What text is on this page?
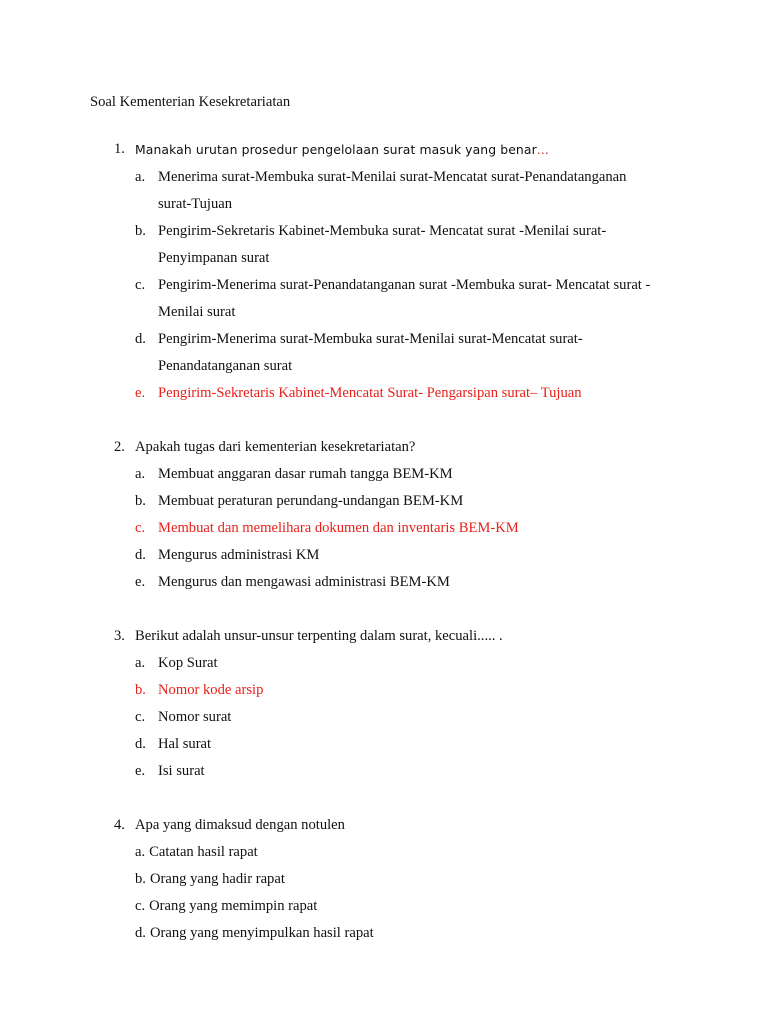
Soal Kementerian Kesekretariatan
1. Manakah urutan prosedur pengelolaan surat masuk yang benar…
a. Menerima surat-Membuka surat-Menilai surat-Mencatat surat-Penandatanganan
surat-Tujuan
b. Pengirim-Sekretaris Kabinet-Membuka surat- Mencatat surat -Menilai surat-
Penyimpanan surat
c. Pengirim-Menerima surat-Penandatanganan surat -Membuka surat- Mencatat surat -
Menilai surat
d. Pengirim-Menerima surat-Membuka surat-Menilai surat-Mencatat surat-
Penandatanganan surat
e. Pengirim-Sekretaris Kabinet-Mencatat Surat- Pengarsipan surat– Tujuan
2. Apakah tugas dari kementerian kesekretariatan?
a. Membuat anggaran dasar rumah tangga BEM-KM
b. Membuat peraturan perundang-undangan BEM-KM
c. Membuat dan memelihara dokumen dan inventaris BEM-KM
d. Mengurus administrasi KM
e. Mengurus dan mengawasi administrasi BEM-KM
3. Berikut adalah unsur-unsur terpenting dalam surat, kecuali..... .
a. Kop Surat
b. Nomor kode arsip
c. Nomor surat
d. Hal surat
e. Isi surat
4. Apa yang dimaksud dengan notulen
a. Catatan hasil rapat
b. Orang yang hadir rapat
c. Orang yang memimpin rapat
d. Orang yang menyimpulkan hasil rapat
